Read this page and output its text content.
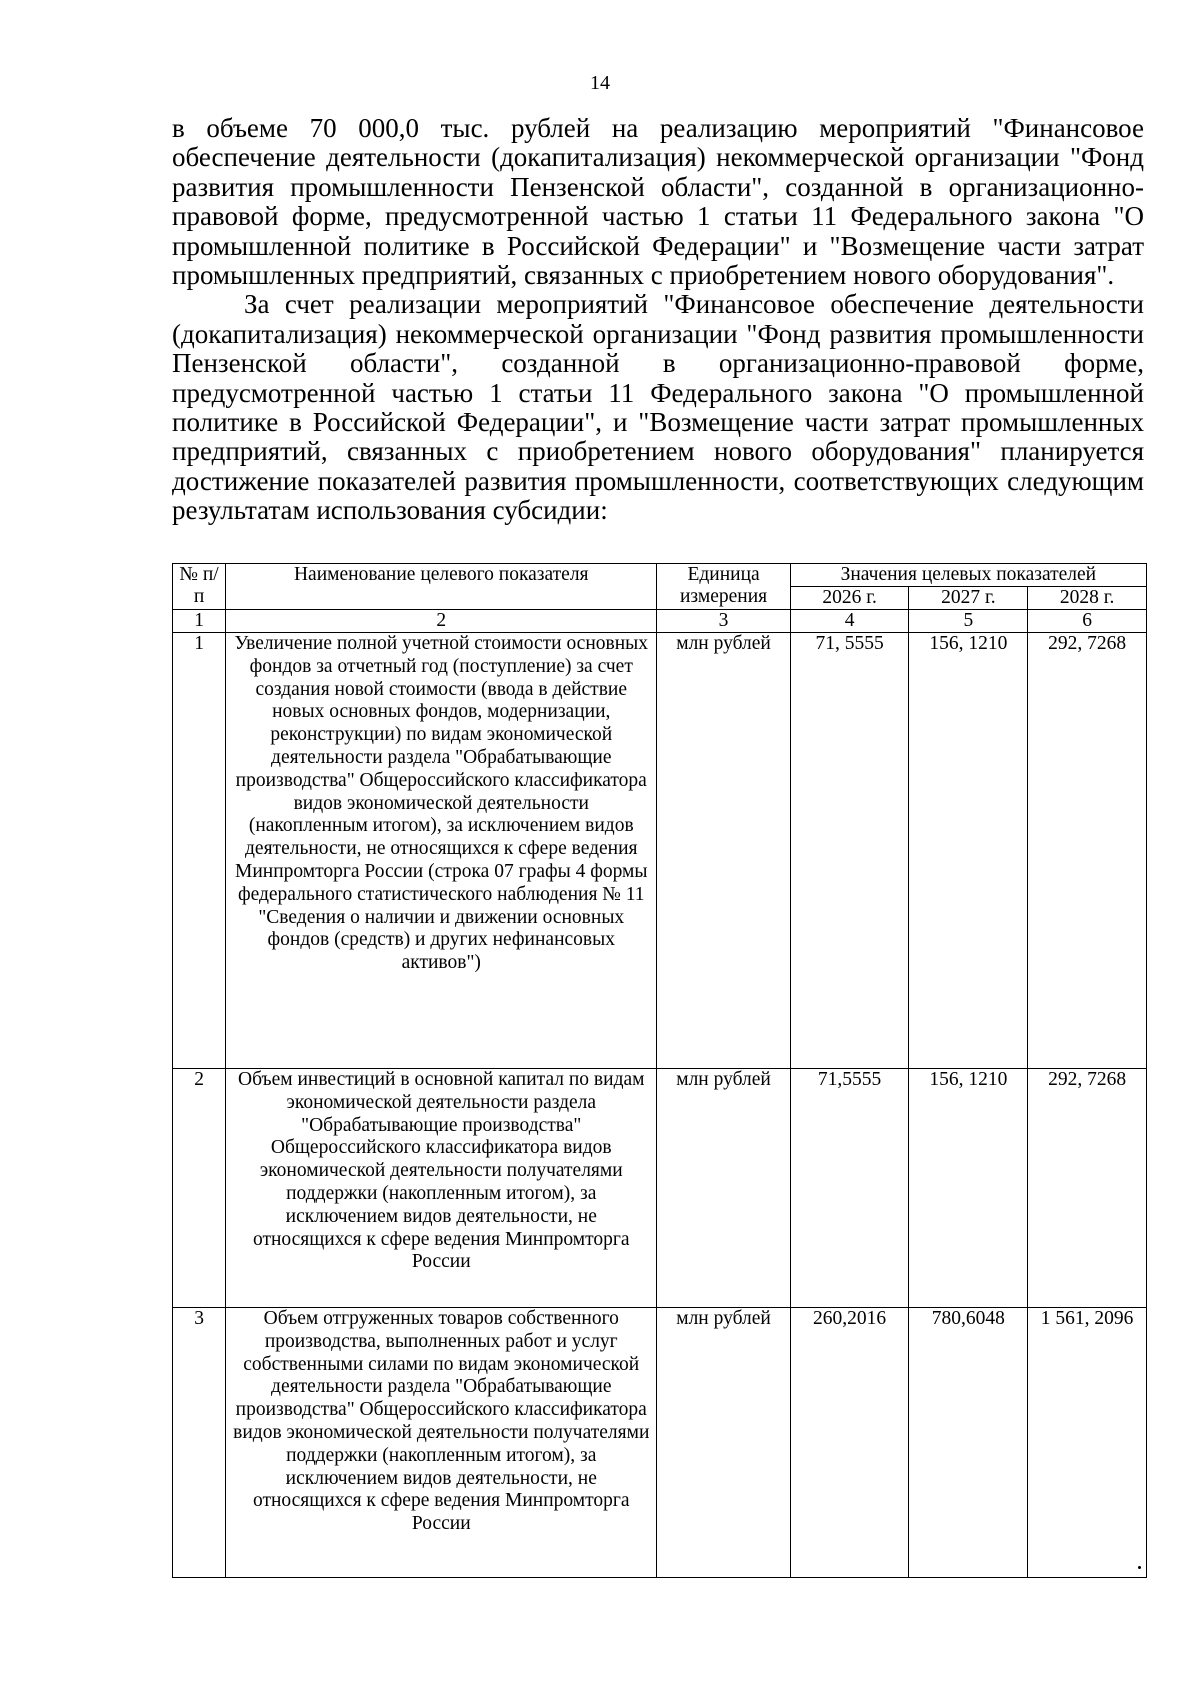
14

в объеме 70 000,0 тыс. рублей на реализацию мероприятий "Финансовое обеспечение деятельности (докапитализация) некоммерческой организации "Фонд развития промышленности Пензенской области", созданной в организационно-правовой форме, предусмотренной частью 1 статьи 11 Федерального закона "О промышленной политике в Российской Федерации" и "Возмещение части затрат промышленных предприятий, связанных с приобретением нового оборудования".

За счет реализации мероприятий "Финансовое обеспечение деятельности (докапитализация) некоммерческой организации "Фонд развития промышленности Пензенской области", созданной в организационно-правовой форме, предусмотренной частью 1 статьи 11 Федерального закона "О промышленной политике в Российской Федерации", и "Возмещение части затрат промышленных предприятий, связанных с приобретением нового оборудования" планируется достижение показателей развития промышленности, соответствующих следующим результатам использования субсидии:

№ п/п	Наименование целевого показателя	Единица измерения	Значения целевых показателей		
			2026 г.	2027 г.	2028 г.
1	2	3	4	5	6
1	Увеличение полной учетной стоимости основных фондов за отчетный год (поступление) за счет создания новой стоимости (ввода в действие новых основных фондов, модернизации, реконструкции) по видам экономической деятельности раздела "Обрабатывающие производства" Общероссийского классификатора видов экономической деятельности (накопленным итогом), за исключением видов деятельности, не относящихся к сфере ведения Минпромторга России (строка 07 графы 4 формы федерального статистического наблюдения № 11 "Сведения о наличии и движении основных фондов (средств) и других нефинансовых активов")	млн рублей	71, 5555	156, 1210	292, 7268
2	Объем инвестиций в основной капитал по видам экономической деятельности раздела "Обрабатывающие производства" Общероссийского классификатора видов экономической деятельности получателями поддержки (накопленным итогом), за исключением видов деятельности, не относящихся к сфере ведения Минпромторга России	млн рублей	71,5555	156, 1210	292, 7268
3	Объем отгруженных товаров собственного производства, выполненных работ и услуг собственными силами по видам экономической деятельности раздела "Обрабатывающие производства" Общероссийского классификатора видов экономической деятельности получателями поддержки (накопленным итогом), за исключением видов деятельности, не относящихся к сфере ведения Минпромторга России	млн рублей	260,2016	780,6048	1 561, 2096
